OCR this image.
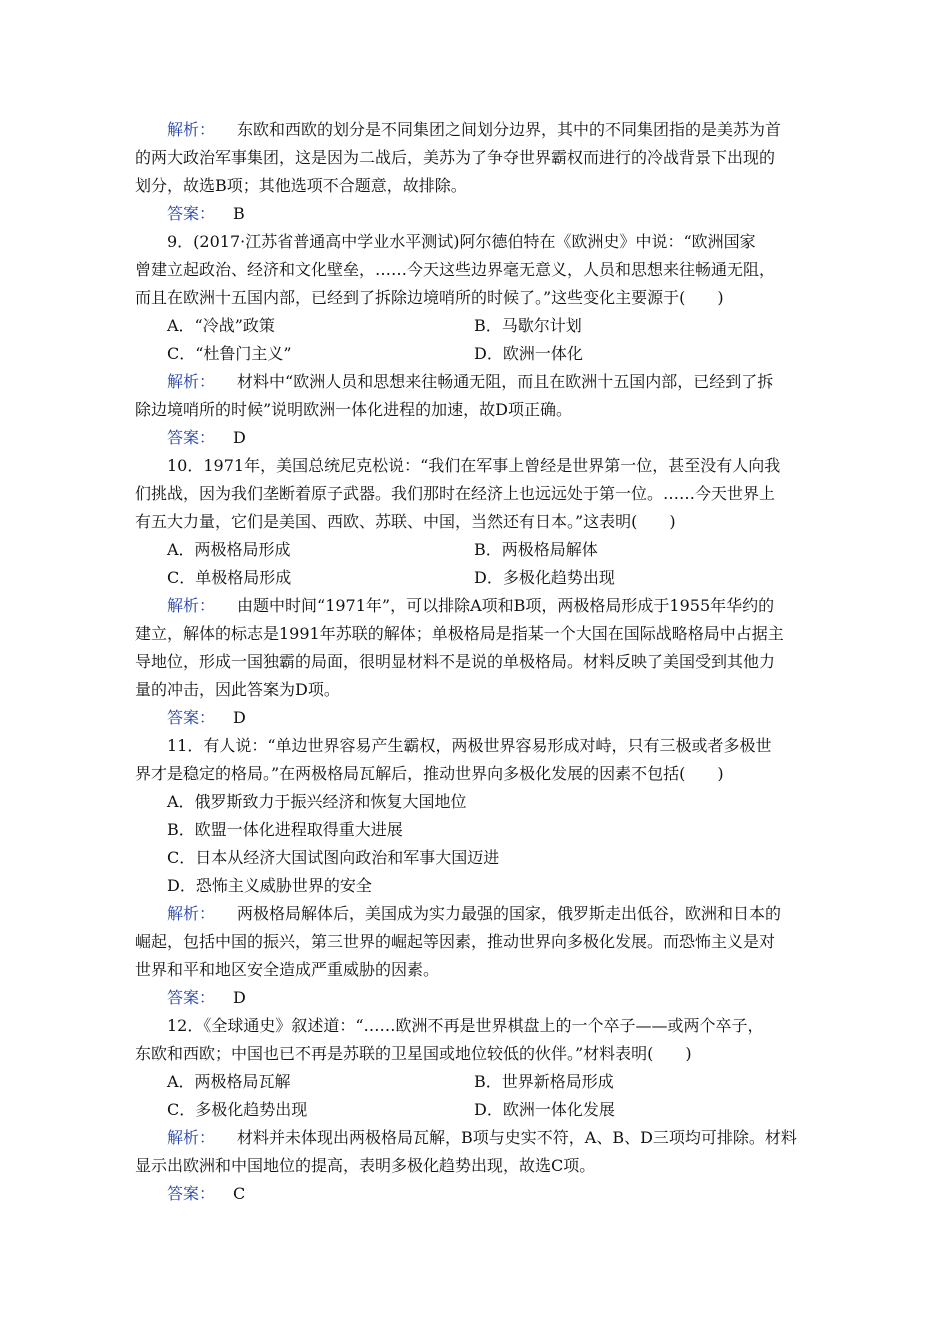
解析： 东欧和西欧的划分是不同集团之间划分边界，其中的不同集团指的是美苏为首
的两大政治军事集团，这是因为二战后，美苏为了争夺世界霸权而进行的冷战背景下出现的
划分，故选B项；其他选项不合题意，故排除。
答案： B
9．(2017·江苏省普通高中学业水平测试)阿尔德伯特在《欧洲史》中说：“欧洲国家
曾建立起政治、经济和文化壁垒，……今天这些边界毫无意义，人员和思想来往畅通无阻，
而且在欧洲十五国内部，已经到了拆除边境哨所的时候了。”这些变化主要源于(　　)
A．“冷战”政策	B．马歇尔计划
C．“杜鲁门主义”	D．欧洲一体化
解析： 材料中“欧洲人员和思想来往畅通无阻，而且在欧洲十五国内部，已经到了拆
除边境哨所的时候”说明欧洲一体化进程的加速，故D项正确。
答案： D
10．1971年，美国总统尼克松说：“我们在军事上曾经是世界第一位，甚至没有人向我
们挑战，因为我们垄断着原子武器。我们那时在经济上也远远处于第一位。……今天世界上
有五大力量，它们是美国、西欧、苏联、中国，当然还有日本。”这表明(　　)
A．两极格局形成	B．两极格局解体
C．单极格局形成	D．多极化趋势出现
解析： 由题中时间“1971年”，可以排除A项和B项，两极格局形成于1955年华约的
建立，解体的标志是1991年苏联的解体；单极格局是指某一个大国在国际战略格局中占据主
导地位，形成一国独霸的局面，很明显材料不是说的单极格局。材料反映了美国受到其他力
量的冲击，因此答案为D项。
答案： D
11．有人说：“单边世界容易产生霸权，两极世界容易形成对峙，只有三极或者多极世
界才是稳定的格局。”在两极格局瓦解后，推动世界向多极化发展的因素不包括(　　)
A．俄罗斯致力于振兴经济和恢复大国地位
B．欧盟一体化进程取得重大进展
C．日本从经济大国试图向政治和军事大国迈进
D．恐怖主义威胁世界的安全
解析： 两极格局解体后，美国成为实力最强的国家，俄罗斯走出低谷，欧洲和日本的
崛起，包括中国的振兴，第三世界的崛起等因素，推动世界向多极化发展。而恐怖主义是对
世界和平和地区安全造成严重威胁的因素。
答案： D
12．《全球通史》叙述道：“……欧洲不再是世界棋盘上的一个卒子——或两个卒子，
东欧和西欧；中国也已不再是苏联的卫星国或地位较低的伙伴。”材料表明(　　)
A．两极格局瓦解	B．世界新格局形成
C．多极化趋势出现	D．欧洲一体化发展
解析： 材料并未体现出两极格局瓦解，B项与史实不符，A、B、D三项均可排除。材料
显示出欧洲和中国地位的提高，表明多极化趋势出现，故选C项。
答案： C
